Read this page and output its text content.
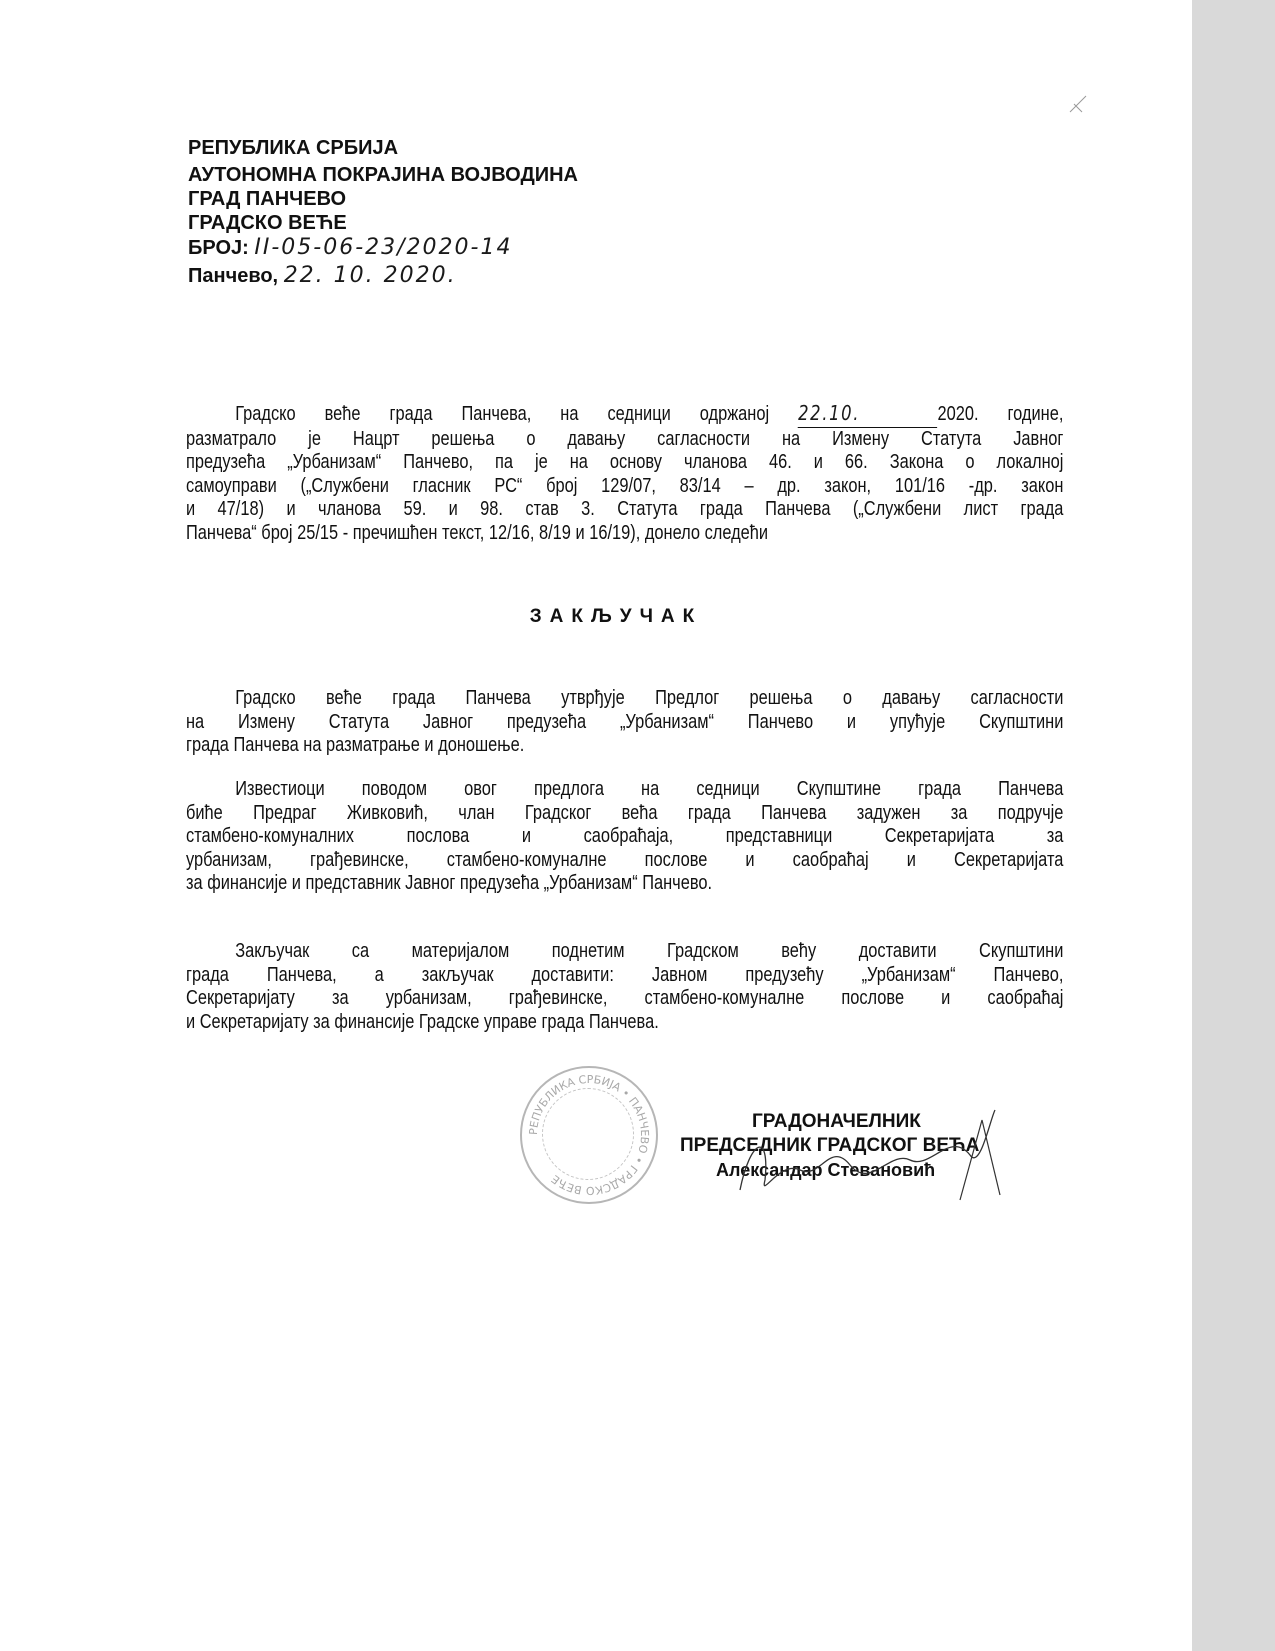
РЕПУБЛИКА СРБИЈА
АУТОНОМНА ПОКРАЈИНА ВОЈВОДИНА
ГРАД ПАНЧЕВО
ГРАДСКО ВЕЋЕ
БРОЈ: II-05-06-23/2020-14
Панчево, 22. 10. 2020.
Градско веће града Панчева, на седници одржаној 22.10.	2020. године,
разматрало је Нацрт решења о давању сагласности на Измену Статута Јавног
предузећа „Урбанизам“ Панчево, па је на основу чланова 46. и 66. Закона о локалној
самоуправи („Службени гласник РС“ број 129/07, 83/14 – др. закон, 101/16 -др. закон
и 47/18) и чланова 59. и 98. став 3. Статута града Панчева („Службени лист града
Панчева“ број 25/15 - пречишћен текст, 12/16, 8/19 и 16/19), донело следећи
ЗАКЉУЧАК
Градско веће града Панчева утврђује Предлог решења о давању сагласности
на Измену Статута Јавног предузећа „Урбанизам“ Панчево и упућује Скупштини
града Панчева на разматрање и доношење.
Известиоци поводом овог предлога на седници Скупштине града Панчева
биће Предраг Живковић, члан Градског већа града Панчева задужен за подручје
стамбено-комуналних послова и саобраћаја, представници Секретаријата за
урбанизам, грађевинске, стамбено-комуналне послове и саобраћај и Секретаријата
за финансије и представник Јавног предузећа „Урбанизам“ Панчево.
Закључак са материјалом поднетим Градском већу доставити Скупштини
града Панчева, а закључак доставити: Јавном предузећу „Урбанизам“ Панчево,
Секретаријату за урбанизам, грађевинске, стамбено-комуналне послове и саобраћај
и Секретаријату за финансије Градске управе града Панчева.
РЕПУБЛИКА СРБИЈА • ПАНЧЕВО • ГРАДСКО ВЕЋЕ
ГРАДОНАЧЕЛНИК
ПРЕДСЕДНИК ГРАДСКОГ ВЕЋА
Александар Стевановић
